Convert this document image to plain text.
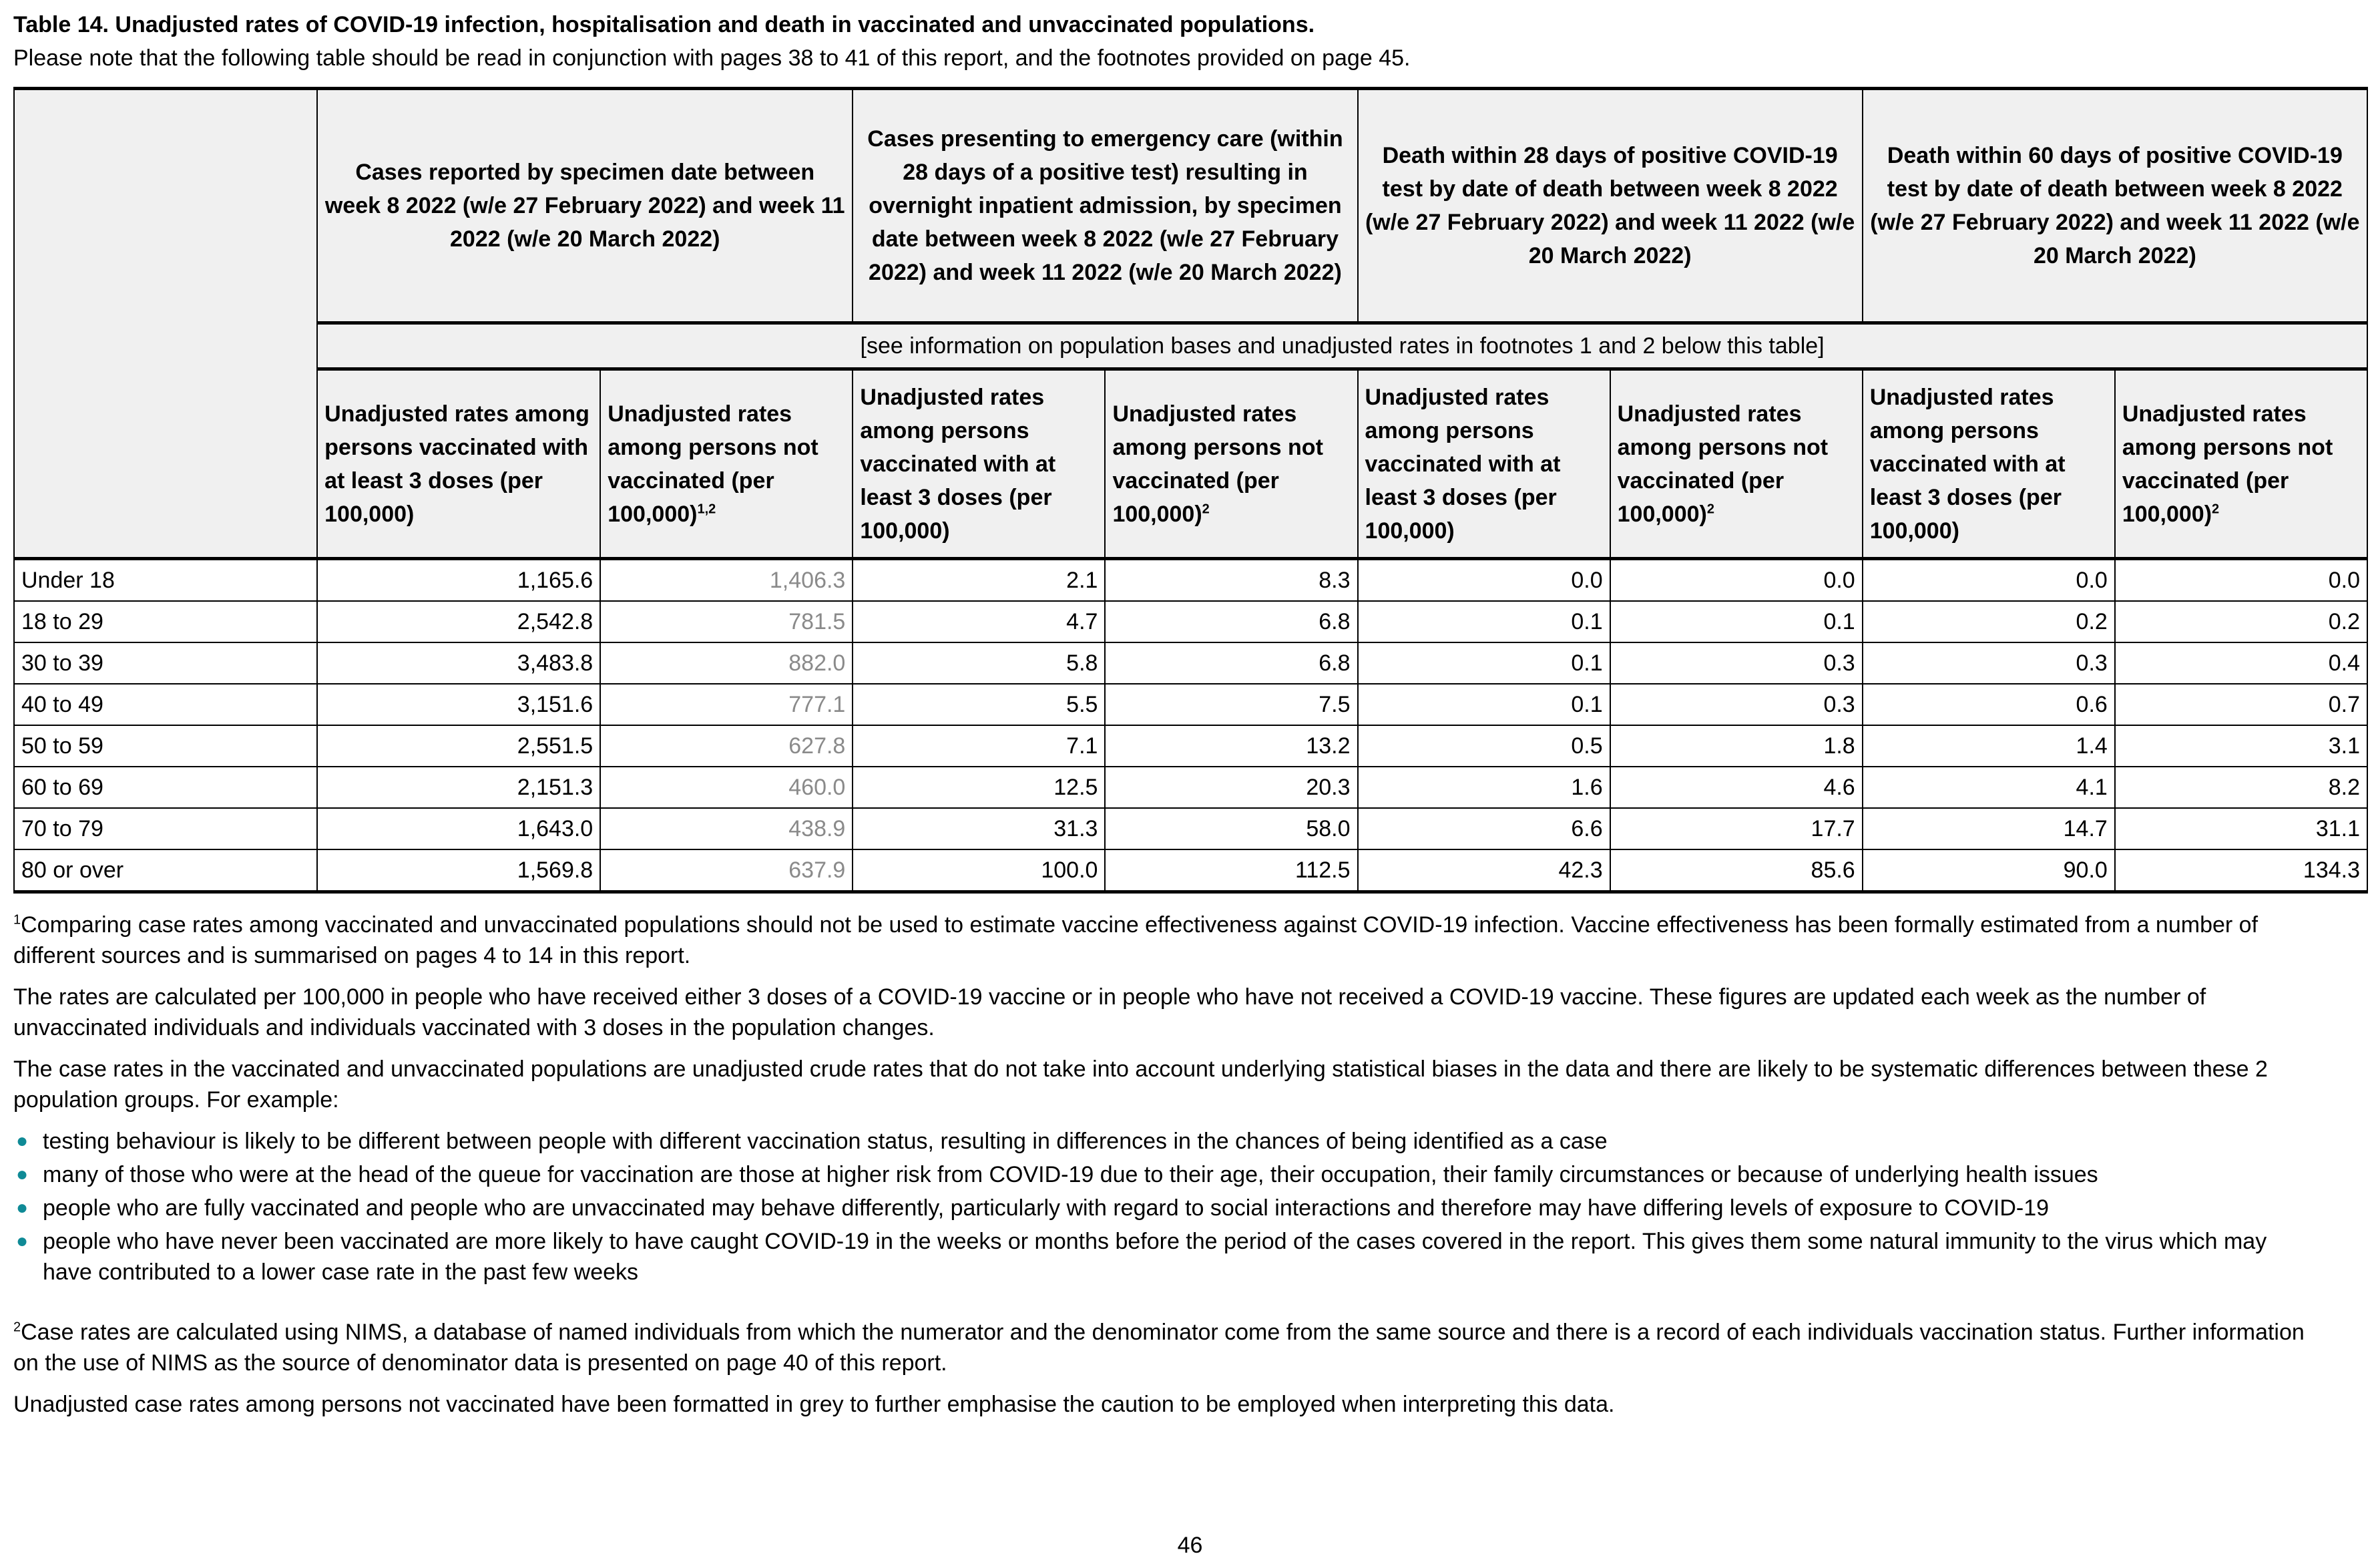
Table 14. Unadjusted rates of COVID-19 infection, hospitalisation and death in vaccinated and unvaccinated populations.
Please note that the following table should be read in conjunction with pages 38 to 41 of this report, and the footnotes provided on page 45.
	Cases reported by specimen date between week 8 2022 (w/e 27 February 2022) and week 11 2022 (w/e 20 March 2022)		Cases presenting to emergency care (within 28 days of a positive test) resulting in overnight inpatient admission, by specimen date between week 8 2022 (w/e 27 February 2022) and week 11 2022 (w/e 20 March 2022)		Death within 28 days of positive COVID-19 test by date of death between week 8 2022 (w/e 27 February 2022) and week 11 2022 (w/e 20 March 2022)		Death within 60 days of positive COVID-19 test by date of death between week 8 2022 (w/e 27 February 2022) and week 11 2022 (w/e 20 March 2022)	
	[see information on population bases and unadjusted rates in footnotes 1 and 2 below this table]							
	Unadjusted rates among persons vaccinated with at least 3 doses (per 100,000)	Unadjusted rates among persons not vaccinated (per 100,000)$^{1,2}$	Unadjusted rates among persons vaccinated with at least 3 doses (per 100,000)	Unadjusted rates among persons not vaccinated (per 100,000)$^2$	Unadjusted rates among persons vaccinated with at least 3 doses (per 100,000)	Unadjusted rates among persons not vaccinated (per 100,000)$^2$	Unadjusted rates among persons vaccinated with at least 3 doses (per 100,000)	Unadjusted rates among persons not vaccinated (per 100,000)$^2$
Under 18	1,165.6	1,406.3	2.1	8.3	0.0	0.0	0.0	0.0
18 to 29	2,542.8	781.5	4.7	6.8	0.1	0.1	0.2	0.2
30 to 39	3,483.8	882.0	5.8	6.8	0.1	0.3	0.3	0.4
40 to 49	3,151.6	777.1	5.5	7.5	0.1	0.3	0.6	0.7
50 to 59	2,551.5	627.8	7.1	13.2	0.5	1.8	1.4	3.1
60 to 69	2,151.3	460.0	12.5	20.3	1.6	4.6	4.1	8.2
70 to 79	1,643.0	438.9	31.3	58.0	6.6	17.7	14.7	31.1
80 or over	1,569.8	637.9	100.0	112.5	42.3	85.6	90.0	134.3

$^1$Comparing case rates among vaccinated and unvaccinated populations should not be used to estimate vaccine effectiveness against COVID-19 infection. Vaccine effectiveness has been formally estimated from a number of different sources and is summarised on pages 4 to 14 in this report.

The rates are calculated per 100,000 in people who have received either 3 doses of a COVID-19 vaccine or in people who have not received a COVID-19 vaccine. These figures are updated each week as the number of unvaccinated individuals and individuals vaccinated with 3 doses in the population changes.

The case rates in the vaccinated and unvaccinated populations are unadjusted crude rates that do not take into account underlying statistical biases in the data and there are likely to be systematic differences between these 2 population groups. For example:

● testing behaviour is likely to be different between people with different vaccination status, resulting in differences in the chances of being identified as a case
● many of those who were at the head of the queue for vaccination are those at higher risk from COVID-19 due to their age, their occupation, their family circumstances or because of underlying health issues
● people who are fully vaccinated and people who are unvaccinated may behave differently, particularly with regard to social interactions and therefore may have differing levels of exposure to COVID-19
● people who have never been vaccinated are more likely to have caught COVID-19 in the weeks or months before the period of the cases covered in the report. This gives them some natural immunity to the virus which may have contributed to a lower case rate in the past few weeks

$^2$Case rates are calculated using NIMS, a database of named individuals from which the numerator and the denominator come from the same source and there is a record of each individuals vaccination status. Further information on the use of NIMS as the source of denominator data is presented on page 40 of this report.

Unadjusted case rates among persons not vaccinated have been formatted in grey to further emphasise the caution to be employed when interpreting this data.

46
